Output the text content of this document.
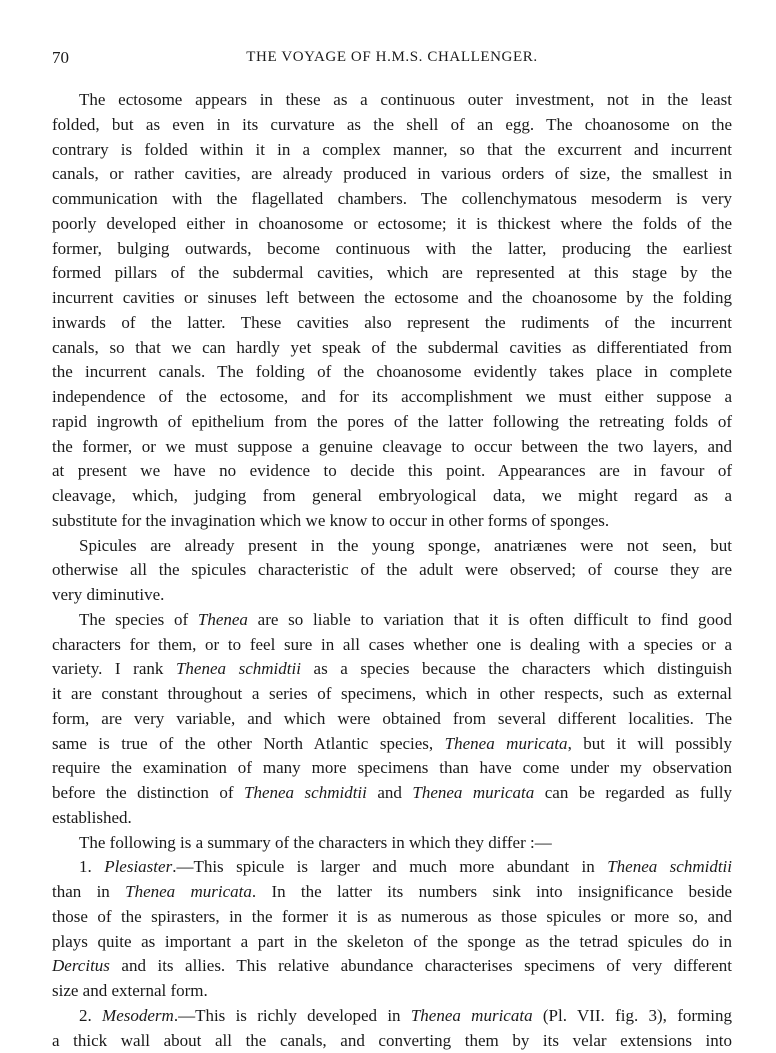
70	THE VOYAGE OF H.M.S. CHALLENGER.
The ectosome appears in these as a continuous outer investment, not in the least
folded, but as even in its curvature as the shell of an egg. The choanosome on the
contrary is folded within it in a complex manner, so that the excurrent and incurrent
canals, or rather cavities, are already produced in various orders of size, the smallest in
communication with the flagellated chambers. The collenchymatous mesoderm is very
poorly developed either in choanosome or ectosome; it is thickest where the folds of the
former, bulging outwards, become continuous with the latter, producing the earliest
formed pillars of the subdermal cavities, which are represented at this stage by the
incurrent cavities or sinuses left between the ectosome and the choanosome by the folding
inwards of the latter. These cavities also represent the rudiments of the incurrent
canals, so that we can hardly yet speak of the subdermal cavities as differentiated from
the incurrent canals. The folding of the choanosome evidently takes place in complete
independence of the ectosome, and for its accomplishment we must either suppose a
rapid ingrowth of epithelium from the pores of the latter following the retreating folds of
the former, or we must suppose a genuine cleavage to occur between the two layers, and
at present we have no evidence to decide this point. Appearances are in favour of
cleavage, which, judging from general embryological data, we might regard as a
substitute for the invagination which we know to occur in other forms of sponges.
Spicules are already present in the young sponge, anatriænes were not seen, but
otherwise all the spicules characteristic of the adult were observed; of course they are
very diminutive.
The species of Thenea are so liable to variation that it is often difficult to find good
characters for them, or to feel sure in all cases whether one is dealing with a species or a
variety. I rank Thenea schmidtii as a species because the characters which distinguish
it are constant throughout a series of specimens, which in other respects, such as external
form, are very variable, and which were obtained from several different localities. The
same is true of the other North Atlantic species, Thenea muricata, but it will possibly
require the examination of many more specimens than have come under my observation
before the distinction of Thenea schmidtii and Thenea muricata can be regarded as fully
established.
The following is a summary of the characters in which they differ :—
1. Plesiaster.—This spicule is larger and much more abundant in Thenea schmidtii
than in Thenea muricata. In the latter its numbers sink into insignificance beside
those of the spirasters, in the former it is as numerous as those spicules or more so, and
plays quite as important a part in the skeleton of the sponge as the tetrad spicules do in
Dercitus and its allies. This relative abundance characterises specimens of very different
size and external form.
2. Mesoderm.—This is richly developed in Thenea muricata (Pl. VII. fig. 3), forming
a thick wall about all the canals, and converting them by its velar extensions into
